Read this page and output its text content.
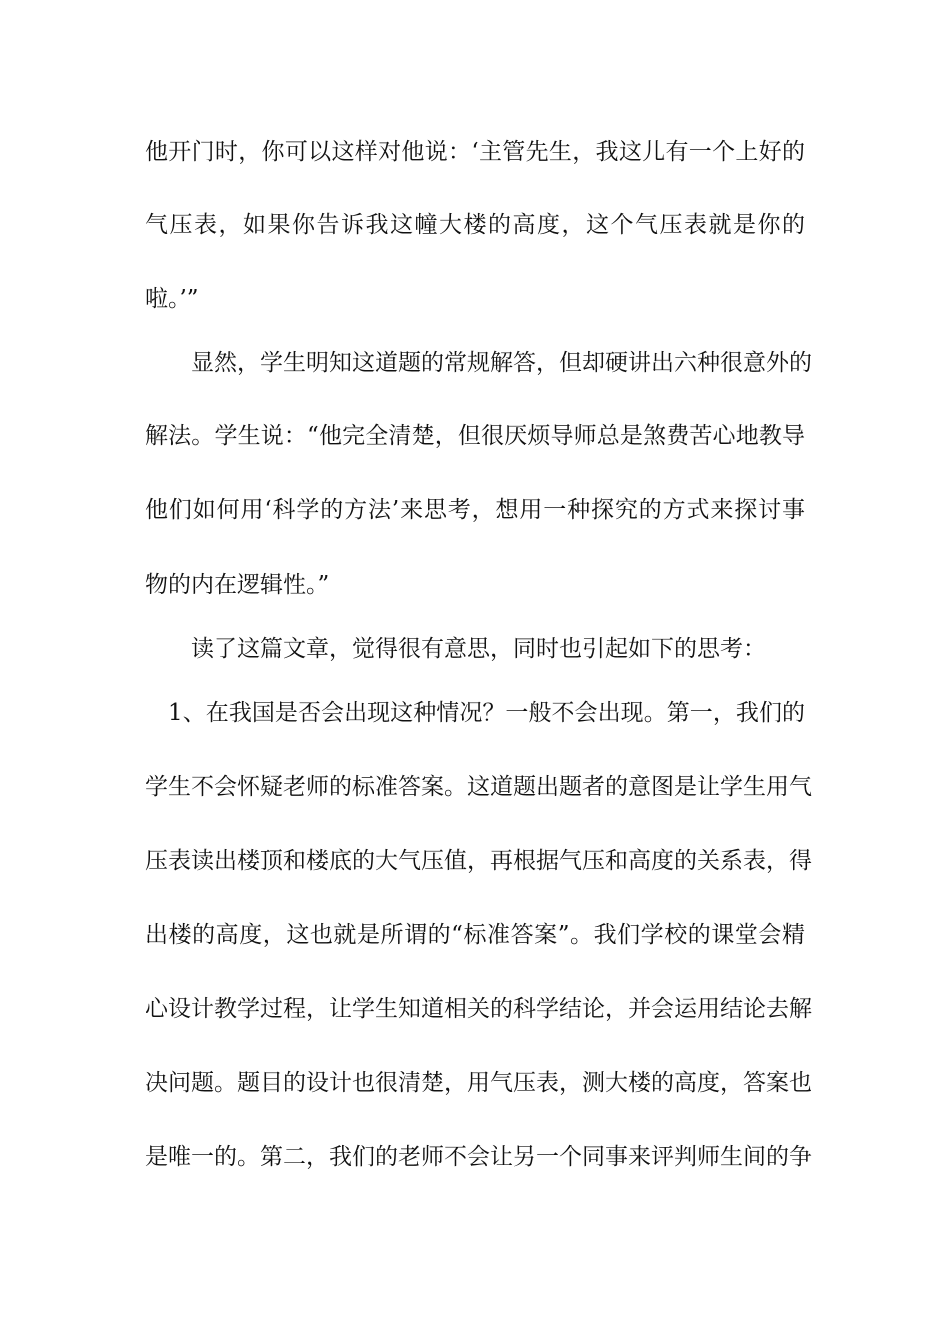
他开门时，你可以这样对他说：‘主管先生，我这儿有一个上好的
气压表，如果你告诉我这幢大楼的高度，这个气压表就是你的
啦。’”
　　显然，学生明知这道题的常规解答，但却硬讲出六种很意外的
解法。学生说：“他完全清楚，但很厌烦导师总是煞费苦心地教导
他们如何用‘科学的方法’来思考，想用一种探究的方式来探讨事
物的内在逻辑性。”
　　读了这篇文章，觉得很有意思，同时也引起如下的思考：
　1、在我国是否会出现这种情况？一般不会出现。第一，我们的
学生不会怀疑老师的标准答案。这道题出题者的意图是让学生用气
压表读出楼顶和楼底的大气压值，再根据气压和高度的关系表，得
出楼的高度，这也就是所谓的“标准答案”。我们学校的课堂会精
心设计教学过程，让学生知道相关的科学结论，并会运用结论去解
决问题。题目的设计也很清楚，用气压表，测大楼的高度，答案也
是唯一的。第二，我们的老师不会让另一个同事来评判师生间的争
